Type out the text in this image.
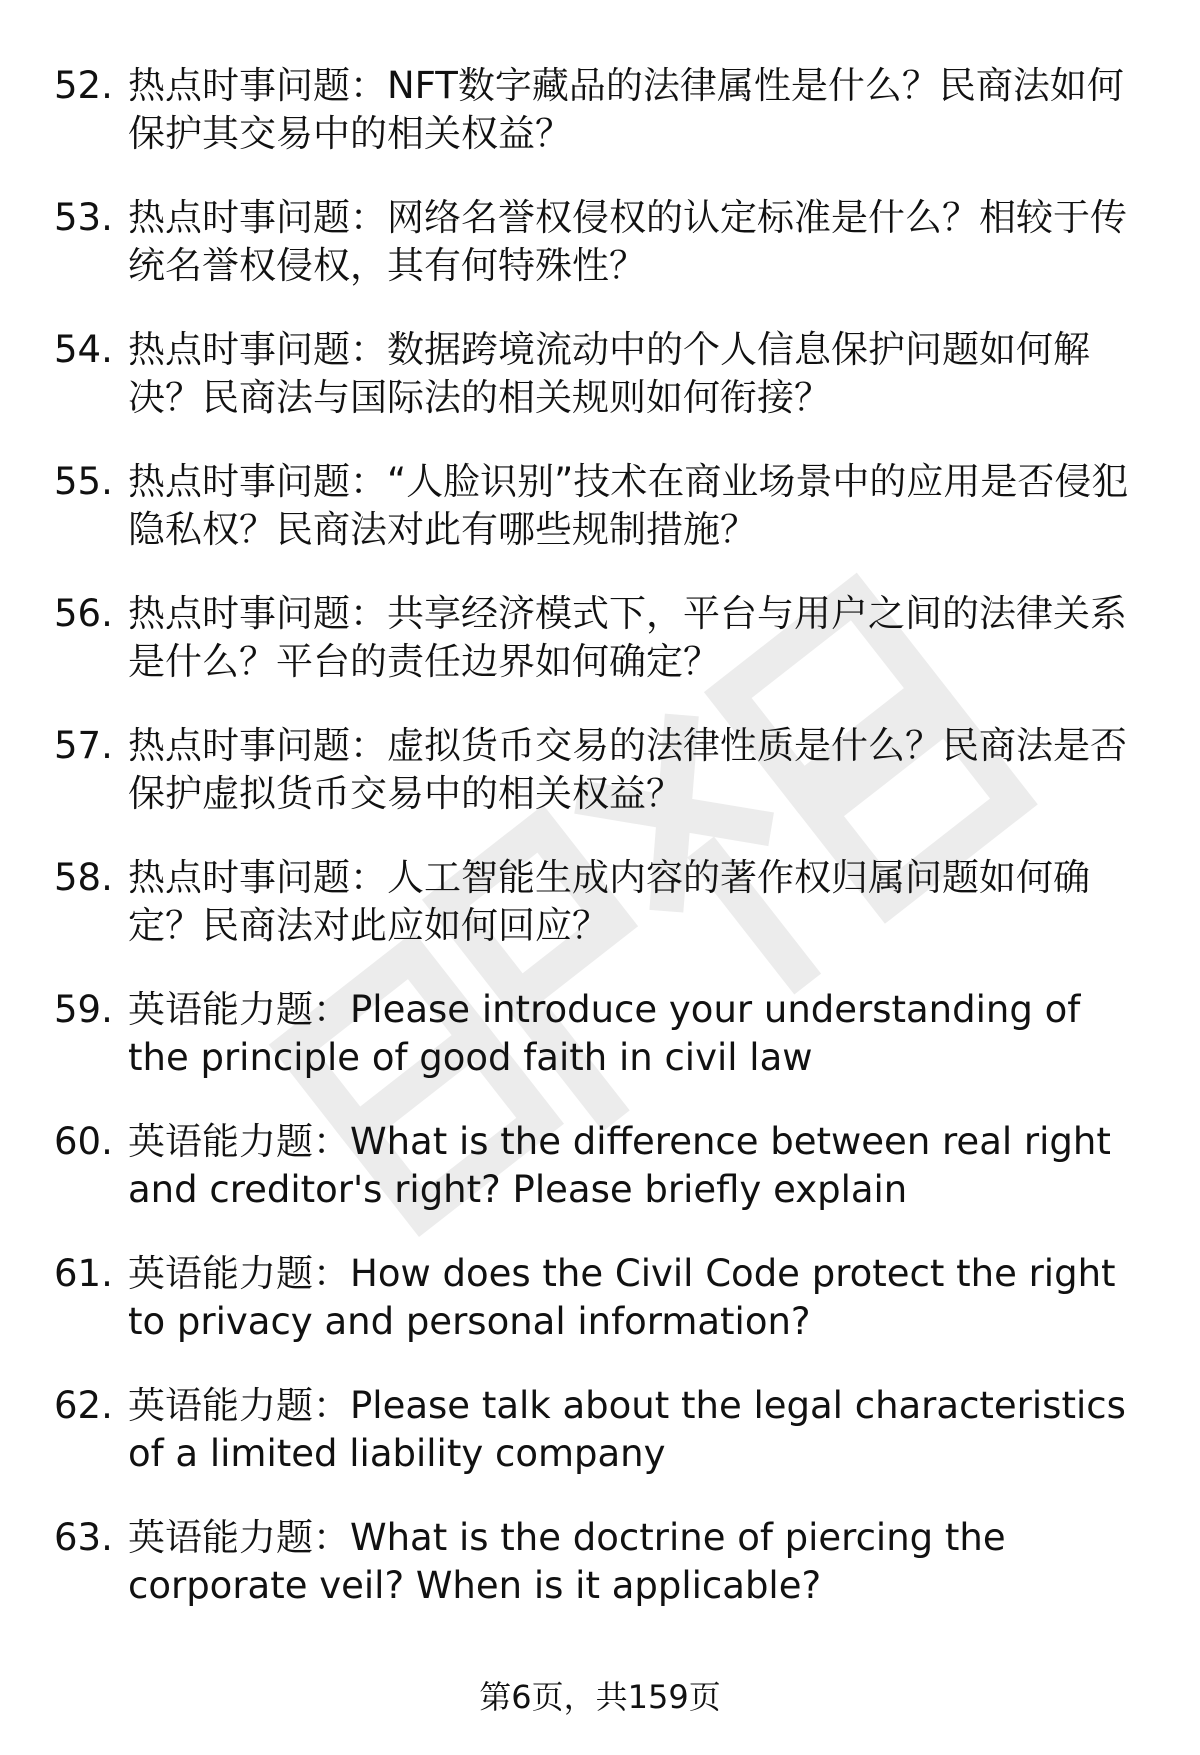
52. 热点时事问题：NFT数字藏品的法律属性是什么？民商法如何保护其交易中的相关权益？
53. 热点时事问题：网络名誉权侵权的认定标准是什么？相较于传统名誉权侵权，其有何特殊性？
54. 热点时事问题：数据跨境流动中的个人信息保护问题如何解决？民商法与国际法的相关规则如何衔接？
55. 热点时事问题：“人脸识别”技术在商业场景中的应用是否侵犯隐私权？民商法对此有哪些规制措施？
56. 热点时事问题：共享经济模式下，平台与用户之间的法律关系是什么？平台的责任边界如何确定？
57. 热点时事问题：虚拟货币交易的法律性质是什么？民商法是否保护虚拟货币交易中的相关权益？
58. 热点时事问题：人工智能生成内容的著作权归属问题如何确定？民商法对此应如何回应？
59. 英语能力题：Please introduce your understanding of the principle of good faith in civil law
60. 英语能力题：What is the difference between real right and creditor's right? Please briefly explain
61. 英语能力题：How does the Civil Code protect the right to privacy and personal information?
62. 英语能力题：Please talk about the legal characteristics of a limited liability company
63. 英语能力题：What is the doctrine of piercing the corporate veil? When is it applicable?
第6页，共159页
